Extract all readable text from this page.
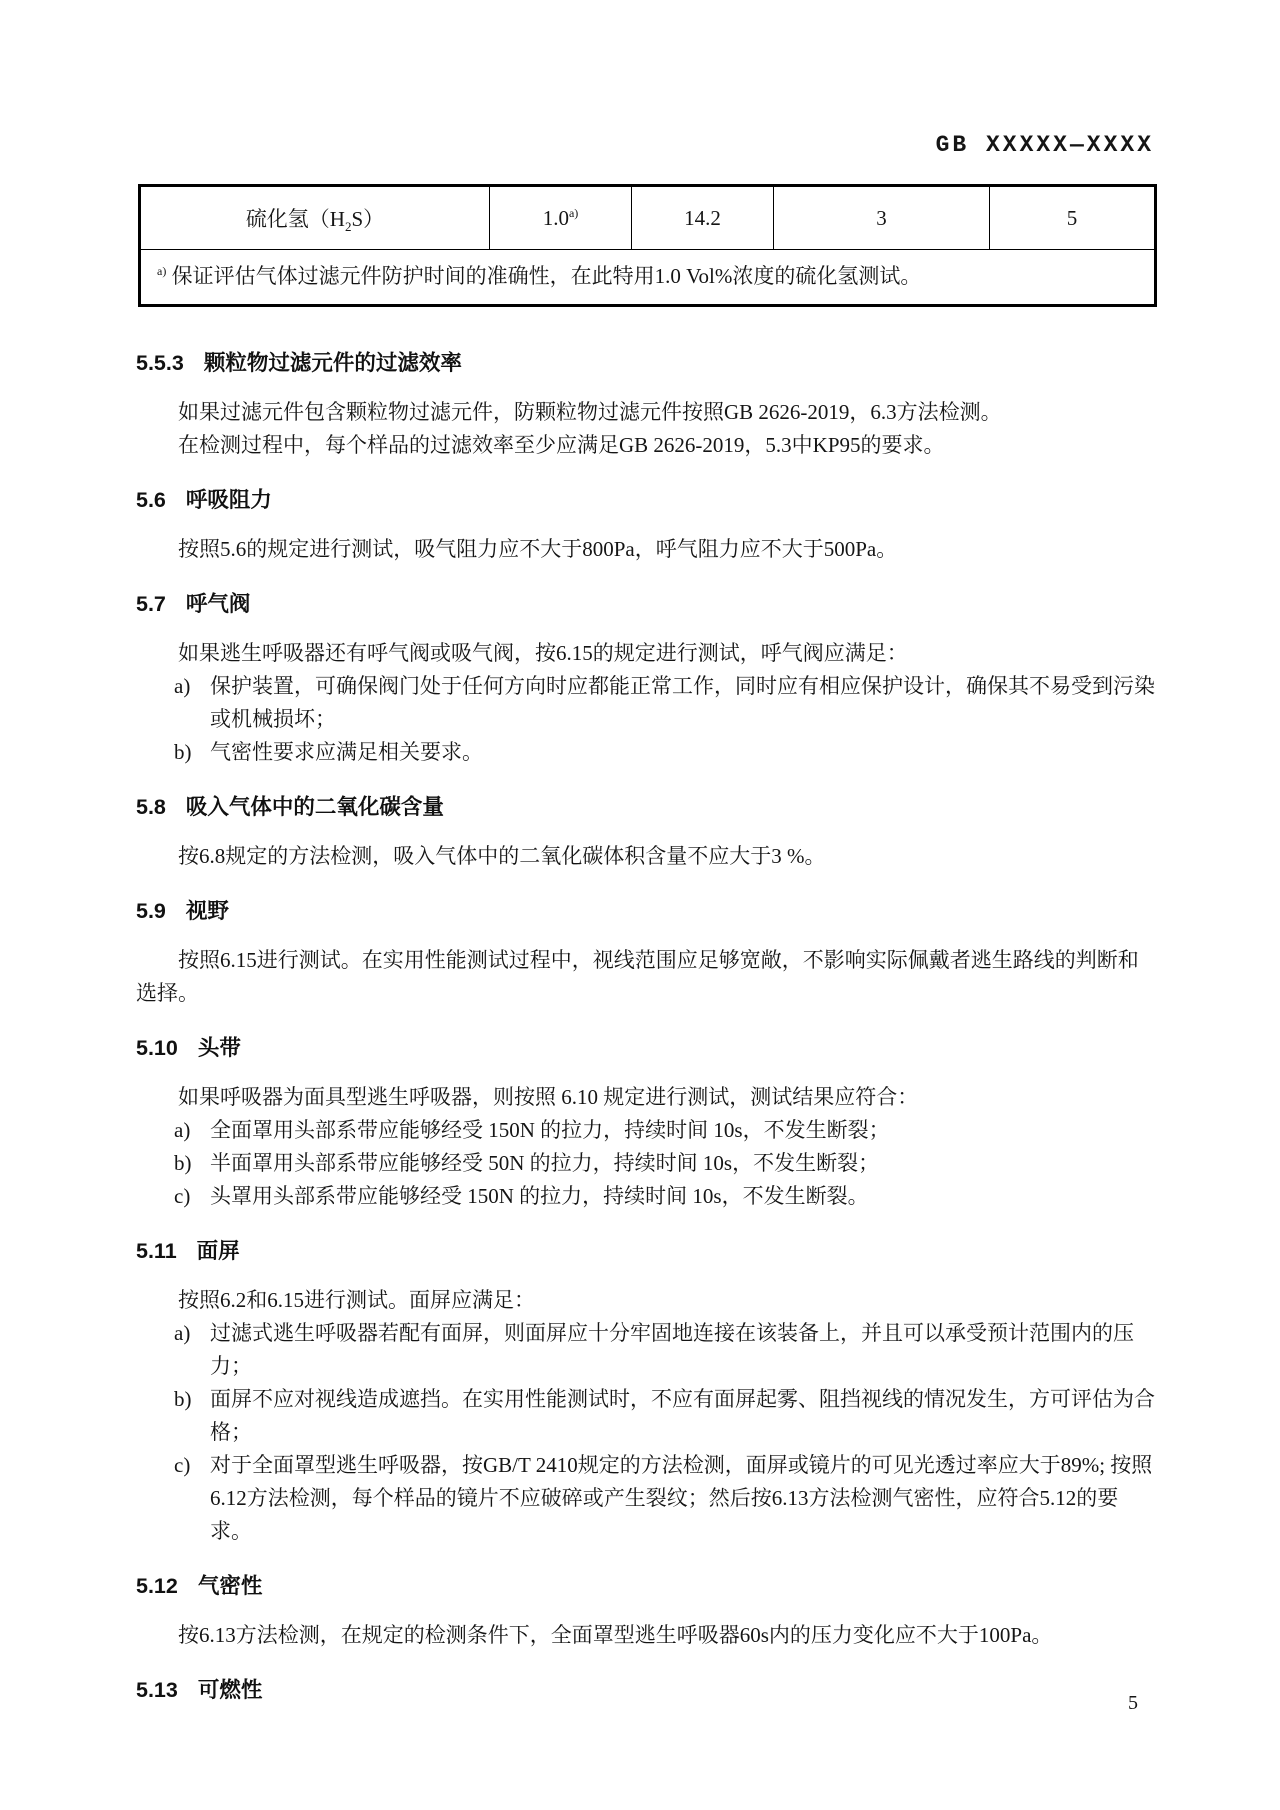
GB XXXXX—XXXX
硫化氢$(H_2S)$	1.0$^{a)}$	14.2	3	5
$^{a)}$ 保证评估气体过滤元件防护时间的准确性，在此特用1.0 Vol%浓度的硫化氢测试。
5.5.3 颗粒物过滤元件的过滤效率

如果过滤元件包含颗粒物过滤元件，防颗粒物过滤元件按照GB 2626-2019，6.3方法检测。

在检测过程中，每个样品的过滤效率至少应满足GB 2626-2019，5.3中KP95的要求。

5.6 呼吸阻力

按照5.6的规定进行测试，吸气阻力应不大于800Pa，呼气阻力应不大于500Pa。

5.7 呼气阀

如果逃生呼吸器还有呼气阀或吸气阀，按6.15的规定进行测试，呼气阀应满足：

a) 保护装置，可确保阀门处于任何方向时应都能正常工作，同时应有相应保护设计，确保其不易受到污染或机械损坏；
b) 气密性要求应满足相关要求。
5.8 吸入气体中的二氧化碳含量

按6.8规定的方法检测，吸入气体中的二氧化碳体积含量不应大于3 %。

5.9 视野

按照6.15进行测试。在实用性能测试过程中，视线范围应足够宽敞，不影响实际佩戴者逃生路线的判断和选择。

5.10 头带

如果呼吸器为面具型逃生呼吸器，则按照 6.10 规定进行测试，测试结果应符合：

a) 全面罩用头部系带应能够经受 150N 的拉力，持续时间 10s，不发生断裂；
b) 半面罩用头部系带应能够经受 50N 的拉力，持续时间 10s，不发生断裂；
c) 头罩用头部系带应能够经受 150N 的拉力，持续时间 10s，不发生断裂。
5.11 面屏

按照6.2和6.15进行测试。面屏应满足：

a) 过滤式逃生呼吸器若配有面屏，则面屏应十分牢固地连接在该装备上，并且可以承受预计范围内的压力；
b) 面屏不应对视线造成遮挡。在实用性能测试时，不应有面屏起雾、阻挡视线的情况发生，方可评估为合格；
c) 对于全面罩型逃生呼吸器，按GB/T 2410规定的方法检测，面屏或镜片的可见光透过率应大于89%; 按照6.12方法检测，每个样品的镜片不应破碎或产生裂纹；然后按6.13方法检测气密性，应符合5.12的要求。
5.12 气密性

按6.13方法检测，在规定的检测条件下，全面罩型逃生呼吸器60s内的压力变化应不大于100Pa。

5.13 可燃性
5
